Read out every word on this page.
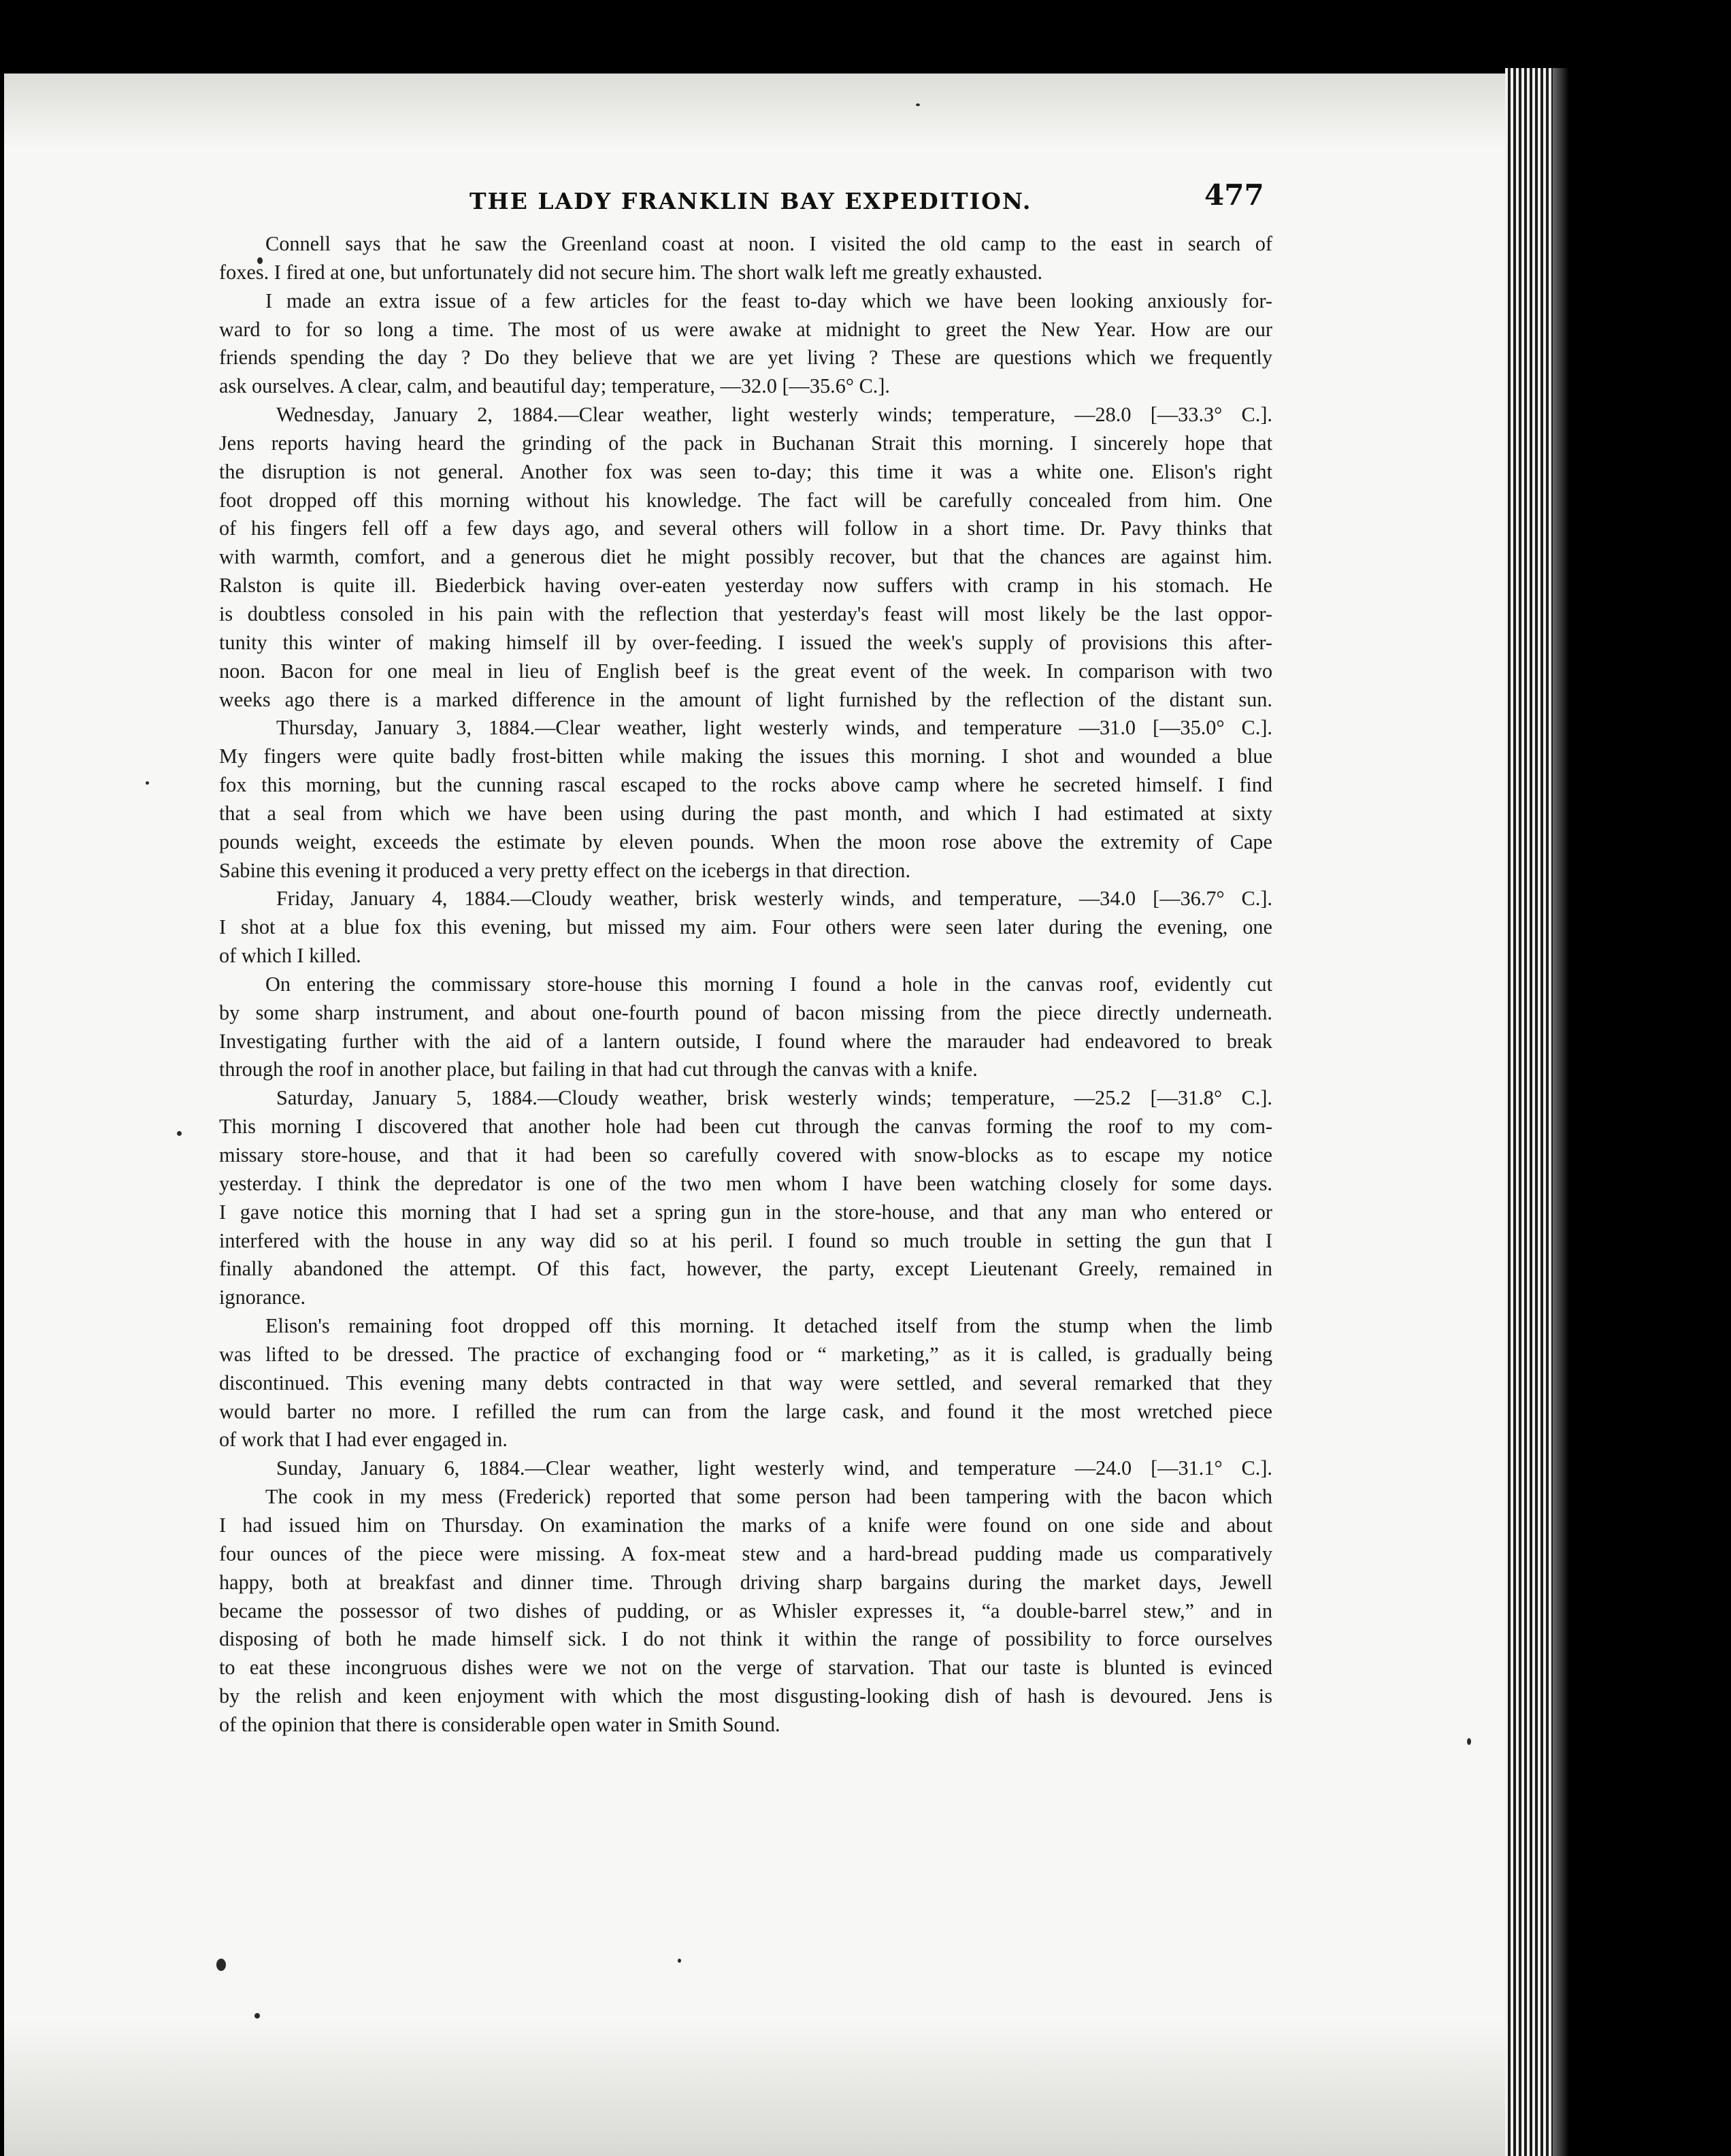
THE LADY FRANKLIN BAY EXPEDITION.	477
Connell says that he saw the Greenland coast at noon. I visited the old camp to the east in search of
foxes. I fired at one, but unfortunately did not secure him. The short walk left me greatly exhausted.
I made an extra issue of a few articles for the feast to-day which we have been looking anxiously for-
ward to for so long a time. The most of us were awake at midnight to greet the New Year. How are our
friends spending the day ? Do they believe that we are yet living ? These are questions which we frequently
ask ourselves. A clear, calm, and beautiful day; temperature, —32.0 [—35.6° C.].
Wednesday, January 2, 1884.—Clear weather, light westerly winds; temperature, —28.0 [—33.3° C.].
Jens reports having heard the grinding of the pack in Buchanan Strait this morning. I sincerely hope that
the disruption is not general. Another fox was seen to-day; this time it was a white one. Elison's right
foot dropped off this morning without his knowledge. The fact will be carefully concealed from him. One
of his fingers fell off a few days ago, and several others will follow in a short time. Dr. Pavy thinks that
with warmth, comfort, and a generous diet he might possibly recover, but that the chances are against him.
Ralston is quite ill. Biederbick having over-eaten yesterday now suffers with cramp in his stomach. He
is doubtless consoled in his pain with the reflection that yesterday's feast will most likely be the last oppor-
tunity this winter of making himself ill by over-feeding. I issued the week's supply of provisions this after-
noon. Bacon for one meal in lieu of English beef is the great event of the week. In comparison with two
weeks ago there is a marked difference in the amount of light furnished by the reflection of the distant sun.
Thursday, January 3, 1884.—Clear weather, light westerly winds, and temperature —31.0 [—35.0° C.].
My fingers were quite badly frost-bitten while making the issues this morning. I shot and wounded a blue
fox this morning, but the cunning rascal escaped to the rocks above camp where he secreted himself. I find
that a seal from which we have been using during the past month, and which I had estimated at sixty
pounds weight, exceeds the estimate by eleven pounds. When the moon rose above the extremity of Cape
Sabine this evening it produced a very pretty effect on the icebergs in that direction.
Friday, January 4, 1884.—Cloudy weather, brisk westerly winds, and temperature, —34.0 [—36.7° C.].
I shot at a blue fox this evening, but missed my aim. Four others were seen later during the evening, one
of which I killed.
On entering the commissary store-house this morning I found a hole in the canvas roof, evidently cut
by some sharp instrument, and about one-fourth pound of bacon missing from the piece directly underneath.
Investigating further with the aid of a lantern outside, I found where the marauder had endeavored to break
through the roof in another place, but failing in that had cut through the canvas with a knife.
Saturday, January 5, 1884.—Cloudy weather, brisk westerly winds; temperature, —25.2 [—31.8° C.].
This morning I discovered that another hole had been cut through the canvas forming the roof to my com-
missary store-house, and that it had been so carefully covered with snow-blocks as to escape my notice
yesterday. I think the depredator is one of the two men whom I have been watching closely for some days.
I gave notice this morning that I had set a spring gun in the store-house, and that any man who entered or
interfered with the house in any way did so at his peril. I found so much trouble in setting the gun that I
finally abandoned the attempt. Of this fact, however, the party, except Lieutenant Greely, remained in
ignorance.
Elison's remaining foot dropped off this morning. It detached itself from the stump when the limb
was lifted to be dressed. The practice of exchanging food or “ marketing,” as it is called, is gradually being
discontinued. This evening many debts contracted in that way were settled, and several remarked that they
would barter no more. I refilled the rum can from the large cask, and found it the most wretched piece
of work that I had ever engaged in.
Sunday, January 6, 1884.—Clear weather, light westerly wind, and temperature —24.0 [—31.1° C.].
The cook in my mess (Frederick) reported that some person had been tampering with the bacon which
I had issued him on Thursday. On examination the marks of a knife were found on one side and about
four ounces of the piece were missing. A fox-meat stew and a hard-bread pudding made us comparatively
happy, both at breakfast and dinner time. Through driving sharp bargains during the market days, Jewell
became the possessor of two dishes of pudding, or as Whisler expresses it, “a double-barrel stew,” and in
disposing of both he made himself sick. I do not think it within the range of possibility to force ourselves
to eat these incongruous dishes were we not on the verge of starvation. That our taste is blunted is evinced
by the relish and keen enjoyment with which the most disgusting-looking dish of hash is devoured. Jens is
of the opinion that there is considerable open water in Smith Sound.
